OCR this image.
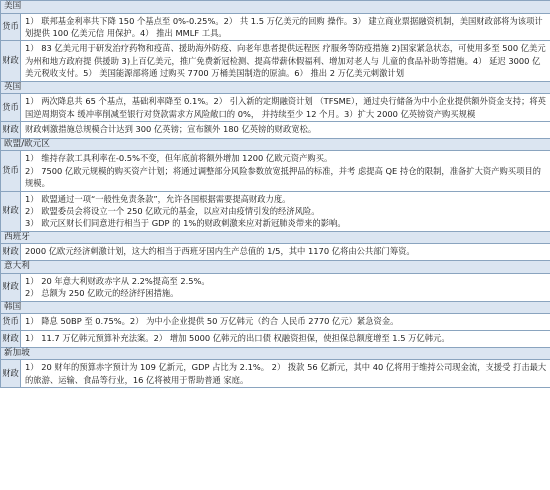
美国	
货币	1） 联邦基金利率共下降 150 个基点至 0%-0.25%。2） 共 1.5 万亿美元的回购 操作。3） 建立商业票据融资机制，美国财政部将为该项计划提供 100 亿美元信 用保护。4） 推出 MMLF 工具。

财政	1） 83 亿美元用于研发治疗药物和疫苗、援助海外防疫、向老年患者提供远程医 疗服务等防疫措施 2)国家紧急状态，可使用多至 500 亿美元为州和地方政府提 供援助 3)上百亿美元，推广免费新冠检测、提高带薪休假福利、增加对老人与 儿童的食品补助等措施。4） 延迟 3000 亿美元税收支付。5） 美国能源部将通 过购买 7700 万桶美国制造的原油。6） 推出 2 万亿美元刺激计划

英国	
货币	1） 两次降息共 65 个基点，基础利率降至 0.1%。2） 引入新的定期融资计划 （TFSME），通过央行储备为中小企业提供额外资金支持；将英国逆周期资本 缓冲率削减至银行对贷款需求方风险敞口的 0%， 并持续至少 12 个月。3）扩大 2000 亿英镑资产购买规模

财政	财政刺激措施总规模合计达到 300 亿英镑；宣布额外 180 亿英镑的财政宽松。

欧盟/欧元区	
货币	1） 维持存款工具利率在-0.5%不变，但年底前将额外增加 1200 亿欧元资产购买。
2） 7500 亿欧元规模的购买资产计划；将通过调整部分风险参数放宽抵押品的标准，并考 虑提高 QE 持仓的限制，准备扩大资产购买项目的规模。

财政	1） 欧盟通过一项“一般性免责条款”，允许各国根据需要提高财政力度。
2） 欧盟委员会将设立一个 250 亿欧元的基金，以应对由疫情引发的经济风险。
3） 欧元区财长们同意进行相当于 GDP 的 1%的财政刺激来应对新冠肺炎带来的影响。

西班牙	
财政	2000 亿欧元经济刺激计划，这大约相当于西班牙国内生产总值的 1/5，其中 1170 亿将由公共部门筹资。

意大利	
财政	1） 20 年意大利财政赤字从 2.2%提高至 2.5%。
2） 总额为 250 亿欧元的经济纾困措施。

韩国	
货币	1） 降息 50BP 至 0.75%。2） 为中小企业提供 50 万亿韩元（约合 人民币 2770 亿元）紧急资金。

财政	1） 11.7 万亿韩元预算补充法案。2） 增加 5000 亿韩元的出口债 权融资担保，使担保总额度增至 1.5 万亿韩元。

新加坡	
财政	1） 20 财年的预算赤字预计为 109 亿新元，GDP 占比为 2.1%。 2） 拨款 56 亿新元，其中 40 亿将用于维持公司现金流，支援受 打击最大的旅游、运输、食品等行业，16 亿将被用于帮助普通 家庭。
